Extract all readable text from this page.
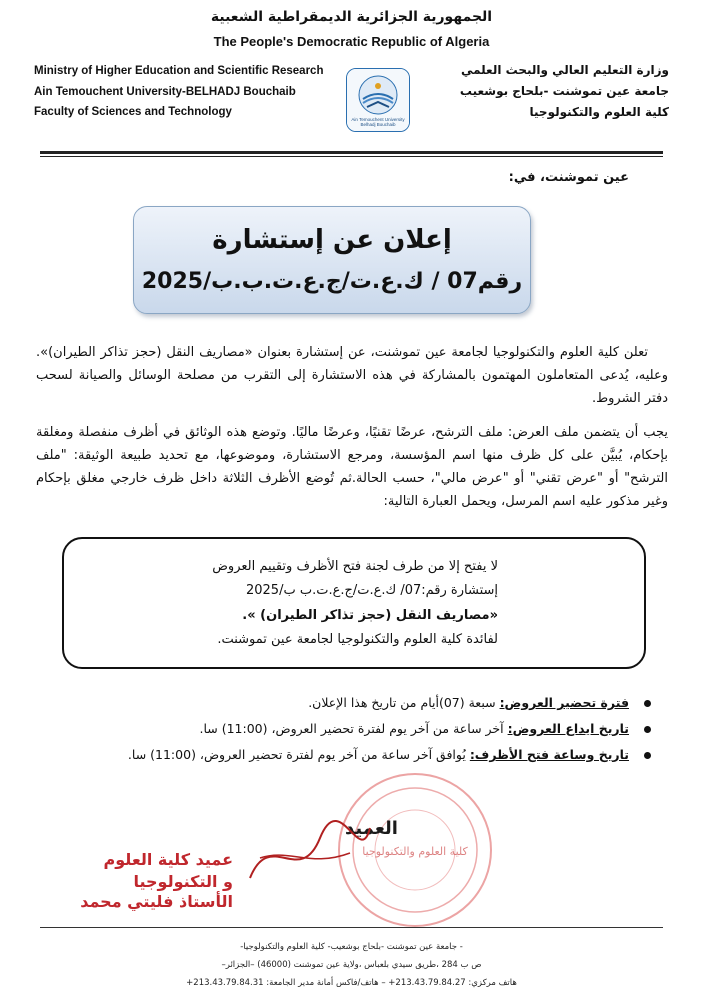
الجمهورية الجزائرية الديمقراطية الشعبية
The People's Democratic Republic of Algeria
Ministry of Higher Education and Scientific Research
Ain Temouchent University-BELHADJ Bouchaib
Faculty of Sciences and Technology
وزارة التعليم العالي والبحث العلمي
جامعة عين تموشنت -بلحاج بوشعيب
كلية العلوم والتكنولوجيا
Ain Temouchent University Belhadj Bouchaib
عين تموشنت، في:
إعلان عن إستشارة
رقم07 / ك.ع.ت/ج.ع.ت.ب.ب/2025
تعلن كلية العلوم والتكنولوجيا لجامعة عين تموشنت، عن إستشارة بعنوان «مصاريف النقل (حجز تذاكر الطيران)». وعليه، يُدعى المتعاملون المهتمون بالمشاركة في هذه الاستشارة إلى التقرب من مصلحة الوسائل والصيانة لسحب دفتر الشروط.
يجب أن يتضمن ملف العرض: ملف الترشح، عرضًا تقنيًا، وعرضًا ماليًا. وتوضع هذه الوثائق في أظرف منفصلة ومغلقة بإحكام، يُبيَّن على كل ظرف منها اسم المؤسسة، ومرجع الاستشارة، وموضوعها، مع تحديد طبيعة الوثيقة: "ملف الترشح" أو "عرض تقني" أو "عرض مالي"، حسب الحالة.ثم تُوضع الأظرف الثلاثة داخل ظرف خارجي مغلق بإحكام وغير مذكور عليه اسم المرسل، ويحمل العبارة التالية:
لا يفتح إلا من طرف لجنة فتح الأظرف وتقييم العروض
إستشارة رقم:07/ ك.ع.ت/ج.ع.ت.ب ب/2025
«مصاريف النقل (حجز تذاكر الطيران) ».
لفائدة كلية العلوم والتكنولوجيا لجامعة عين تموشنت.
فترة تحضير العروض: سبعة (07)أيام من تاريخ هذا الإعلان.
تاريخ ايداع العروض: آخر ساعة من آخر يوم لفترة تحضير العروض، (11:00) سا.
تاريخ وساعة فتح الأظرف: يُوافق آخر ساعة من آخر يوم لفترة تحضير العروض، (11:00) سا.
كلية العلوم والتكنولوجيا
العميد
عميد كلية العلوم
و التكنولوجيا
الأستاذ فليتي محمد
- جامعة عين تموشنت -بلحاج بوشعيب- كلية العلوم والتكنولوجيا-
ص ب 284 ،طريق سيدي بلعباس ،ولاية عين تموشنت (46000) –الجزائر–
هاتف مركزي: 213.43.79.84.27+ – هاتف/فاكس أمانة مدير الجامعة: 213.43.79.84.31+
